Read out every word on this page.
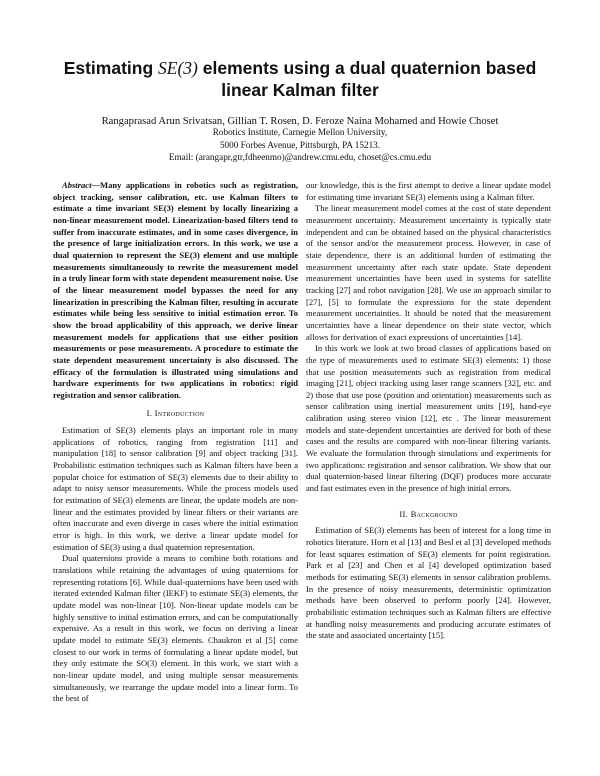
Estimating SE(3) elements using a dual quaternion based linear Kalman filter
Rangaprasad Arun Srivatsan, Gillian T. Rosen, D. Feroze Naina Mohamed and Howie Choset
Robotics Institute, Carnegie Mellon University,
5000 Forbes Avenue, Pittsburgh, PA 15213.
Email: (arangapr,gtr,fdheenmo)@andrew.cmu.edu, choset@cs.cmu.edu

Abstract—Many applications in robotics such as registration, object tracking, sensor calibration, etc. use Kalman filters to estimate a time invariant SE(3) element by locally linearizing a non-linear measurement model. Linearization-based filters tend to suffer from inaccurate estimates, and in some cases divergence, in the presence of large initialization errors. In this work, we use a dual quaternion to represent the SE(3) element and use multiple measurements simultaneously to rewrite the measurement model in a truly linear form with state dependent measurement noise. Use of the linear measurement model bypasses the need for any linearization in prescribing the Kalman filter, resulting in accurate estimates while being less sensitive to initial estimation error. To show the broad applicability of this approach, we derive linear measurement models for applications that use either position measurements or pose measurements. A procedure to estimate the state dependent measurement uncertainty is also discussed. The efficacy of the formulation is illustrated using simulations and hardware experiments for two applications in robotics: rigid registration and sensor calibration.

I. Introduction

Estimation of SE(3) elements plays an important role in many applications of robotics, ranging from registration [11] and manipulation [18] to sensor calibration [9] and object tracking [31]. Probabilistic estimation techniques such as Kalman filters have been a popular choice for estimation of SE(3) elements due to their ability to adapt to noisy sensor measurements. While the process models used for estimation of SE(3) elements are linear, the update models are non-linear and the estimates provided by linear filters or their variants are often inaccurate and even diverge in cases where the initial estimation error is high. In this work, we derive a linear update model for estimation of SE(3) using a dual quaternion representation.

Dual quaternions provide a means to combine both rotations and translations while retaining the advantages of using quaternions for representing rotations [6]. While dual-quaternions have been used with iterated extended Kalman filter (IEKF) to estimate SE(3) elements, the update model was non-linear [10]. Non-linear update models can be highly sensitive to initial estimation errors, and can be computationally expensive. As a result in this work, we focus on deriving a linear update model to estimate SE(3) elements. Chaukron et al [5] come closest to our work in terms of formulating a linear update model, but they only estimate the SO(3) element. In this work, we start with a non-linear update model, and using multiple sensor measurements simultaneously, we rearrange the update model into a linear form. To the best of

our knowledge, this is the first attempt to derive a linear update model for estimating time invariant SE(3) elements using a Kalman filter.

The linear measurement model comes at the cost of state dependent measurement uncertainty. Measurement uncertainty is typically state independent and can be obtained based on the physical characteristics of the sensor and/or the measurement process. However, in case of state dependence, there is an additional burden of estimating the measurement uncertainty after each state update. State dependent measurement uncertainties have been used in systems for satellite tracking [27] and robot navigation [28]. We use an approach similar to [27], [5] to formulate the expressions for the state dependent measurement uncertainties. It should be noted that the measurement uncertainties have a linear dependence on their state vector, which allows for derivation of exact expressions of uncertainties [14].

In this work we look at two broad classes of applications based on the type of measurements used to estimate SE(3) elements: 1) those that use position measurements such as registration from medical imaging [21], object tracking using laser range scanners [32], etc. and 2) those that use pose (position and orientation) measurements such as sensor calibration using inertial measurement units [19], hand-eye calibration using stereo vision [12], etc . The linear measurement models and state-dependent uncertainties are derived for both of these cases and the results are compared with non-linear filtering variants. We evaluate the formulation through simulations and experiments for two applications: registration and sensor calibration. We show that our dual quaternion-based linear filtering (DQF) produces more accurate and fast estimates even in the presence of high initial errors.

II. Background

Estimation of SE(3) elements has been of interest for a long time in robotics literature. Horn et al [13] and Besl et al [3] developed methods for least squares estimation of SE(3) elements for point registration. Park et al [23] and Chen et al [4] developed optimization based methods for estimating SE(3) elements in sensor calibration problems. In the presence of noisy measurements, deterministic optimization methods have been observed to perform poorly [24]. However, probabilistic estimation techniques such as Kalman filters are effective at handling noisy measurements and producing accurate estimates of the state and associated uncertainty [15].
